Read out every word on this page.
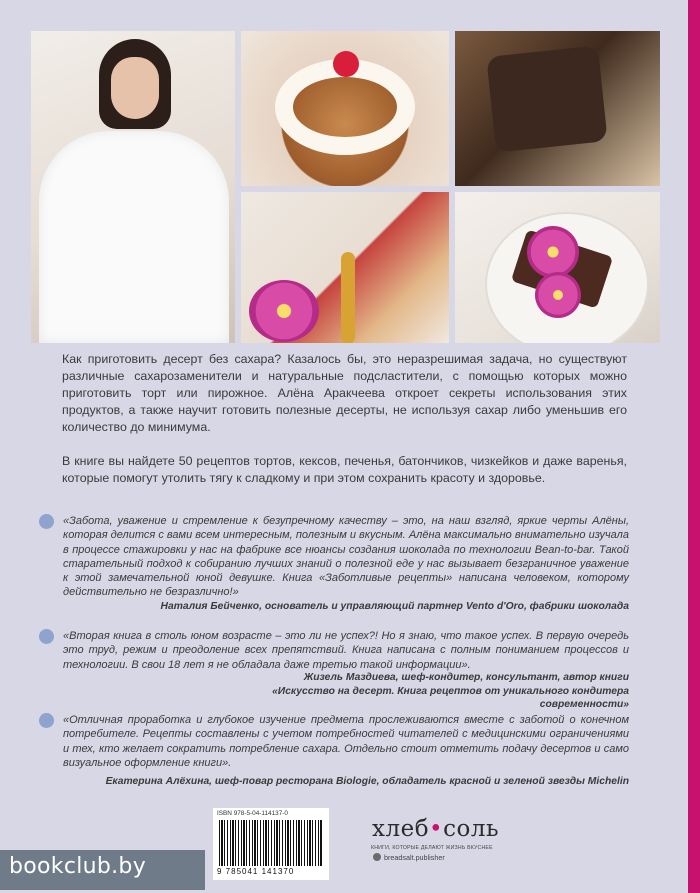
Как приготовить десерт без сахара? Казалось бы, это неразрешимая задача, но существуют различные сахарозаменители и натуральные подсластители, с помощью которых можно приготовить торт или пирожное. Алёна Аракчеева откроет секреты использования этих продуктов, а также научит готовить полезные десерты, не используя сахар либо уменьшив его количество до минимума.
В книге вы найдете 50 рецептов тортов, кексов, печенья, батончиков, чизкейков и даже варенья, которые помогут утолить тягу к сладкому и при этом сохранить красоту и здоровье.
«Забота, уважение и стремление к безупречному качеству – это, на наш взгляд, яркие черты Алёны, которая делится с вами всем интересным, полезным и вкусным. Алёна максимально внимательно изучала в процессе стажировки у нас на фабрике все нюансы создания шоколада по технологии Bean-to-bar. Такой старательный подход к собиранию лучших знаний о полезной еде у нас вызывает безграничное уважение к этой замечательной юной девушке. Книга «Заботливые рецепты» написана человеком, которому действительно не безразлично!»
Наталия Бейченко, основатель и управляющий партнер Vento d'Oro, фабрики шоколада
«Вторая книга в столь юном возрасте – это ли не успех?! Но я знаю, что такое успех. В первую очередь это труд, режим и преодоление всех препятствий. Книга написана с полным пониманием процессов и технологии. В свои 18 лет я не обладала даже третью такой информации».
Жизель Маздиева, шеф-кондитер, консультант, автор книги «Искусство на десерт. Книга рецептов от уникального кондитера современности»
«Отличная проработка и глубокое изучение предмета прослеживаются вместе с заботой о конечном потребителе. Рецепты составлены с учетом потребностей читателей с медицинскими ограничениями и тех, кто желает сократить потребление сахара. Отдельно стоит отметить подачу десертов и само визуальное оформление книги».
Екатерина Алёхина, шеф-повар ресторана Biologie, обладатель красной и зеленой звезды Michelin
ISBN 978-5-04-114137-0
9 785041 141370
хлеб•соль
КНИГИ, КОТОРЫЕ ДЕЛАЮТ ЖИЗНЬ ВКУСНЕЕ
breadsalt.publisher
bookclub.by
